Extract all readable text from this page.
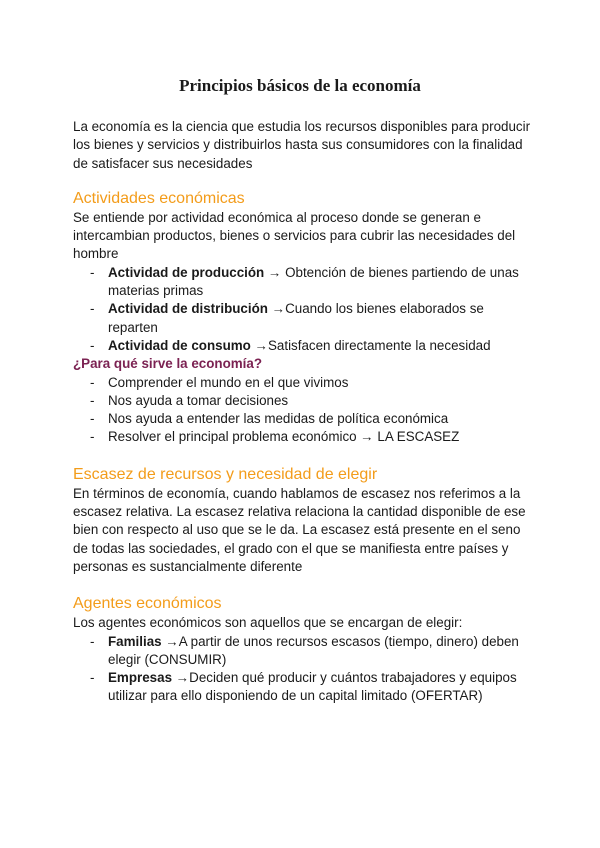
Principios básicos de la economía

La economía es la ciencia que estudia los recursos disponibles para producir los bienes y servicios y distribuirlos hasta sus consumidores con la finalidad de satisfacer sus necesidades

Actividades económicas

Se entiende por actividad económica al proceso donde se generan e intercambian productos, bienes o servicios para cubrir las necesidades del hombre

- Actividad de producción → Obtención de bienes partiendo de unas materias primas
- Actividad de distribución →Cuando los bienes elaborados se reparten
- Actividad de consumo →Satisfacen directamente la necesidad
¿Para qué sirve la economía?
- Comprender el mundo en el que vivimos
- Nos ayuda a tomar decisiones
- Nos ayuda a entender las medidas de política económica
- Resolver el principal problema económico → LA ESCASEZ
Escasez de recursos y necesidad de elegir

En términos de economía, cuando hablamos de escasez nos referimos a la escasez relativa. La escasez relativa relaciona la cantidad disponible de ese bien con respecto al uso que se le da. La escasez está presente en el seno de todas las sociedades, el grado con el que se manifiesta entre países y personas es sustancialmente diferente

Agentes económicos

Los agentes económicos son aquellos que se encargan de elegir:

- Familias →A partir de unos recursos escasos (tiempo, dinero) deben elegir (CONSUMIR)
- Empresas →Deciden qué producir y cuántos trabajadores y equipos utilizar para ello disponiendo de un capital limitado (OFERTAR)
